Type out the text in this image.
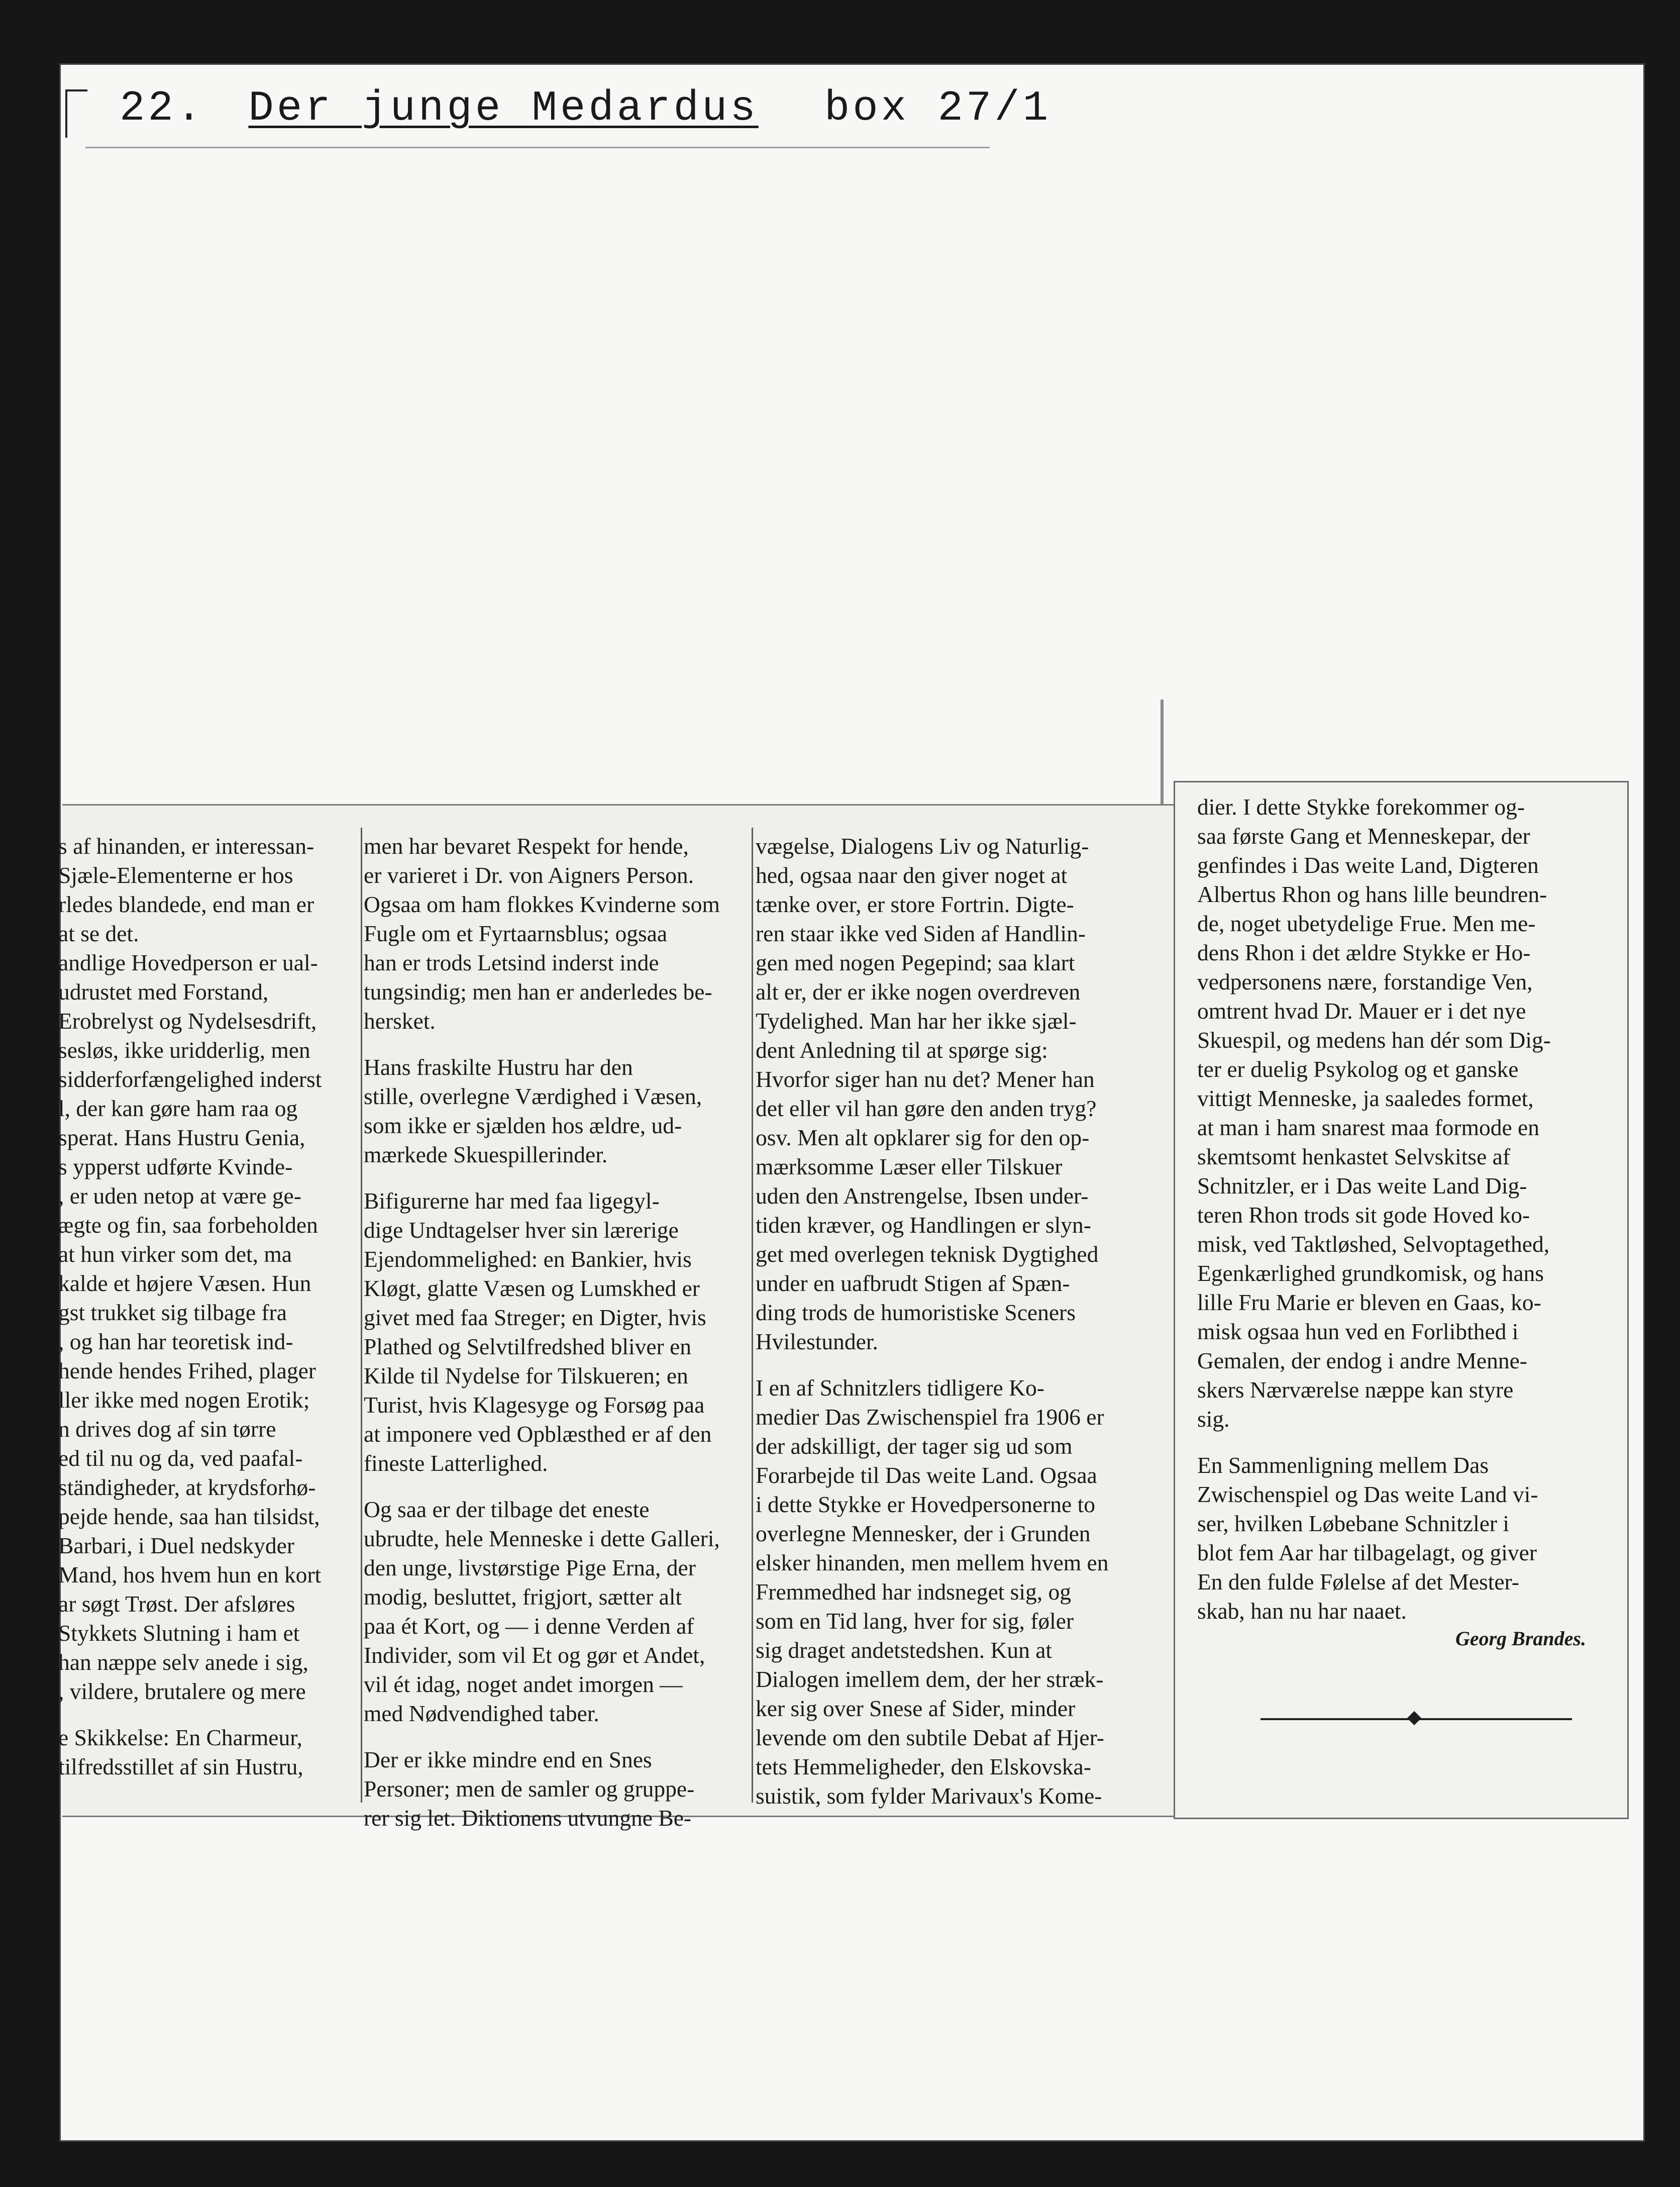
22. Der junge Medardus box 27/1

s af hinanden, er interessan-

Sjæle-Elementerne er hos

rledes blandede, end man er

at se det.

andlige Hovedperson er ual-

udrustet med Forstand,

Erobrelyst og Nydelsesdrift,

sesløs, ikke uridderlig, men

sidderforfængelighed inderst

l, der kan gøre ham raa og

sperat. Hans Hustru Genia,

s ypperst udførte Kvinde-

, er uden netop at være ge-

ægte og fin, saa forbeholden

at hun virker som det, ma

kalde et højere Væsen. Hun

gst trukket sig tilbage fra

, og han har teoretisk ind-

hende hendes Frihed, plager

ller ikke med nogen Erotik;

n drives dog af sin tørre

ed til nu og da, ved paafal-

ständigheder, at krydsforhø-

pejde hende, saa han tilsidst,

Barbari, i Duel nedskyder

Mand, hos hvem hun en kort

ar søgt Trøst. Der afsløres

Stykkets Slutning i ham et

han næppe selv anede i sig,

, vildere, brutalere og mere

e Skikkelse: En Charmeur,

tilfredsstillet af sin Hustru,

men har bevaret Respekt for hende,

er varieret i Dr. von Aigners Person.

Ogsaa om ham flokkes Kvinderne som

Fugle om et Fyrtaarnsblus; ogsaa

han er trods Letsind inderst inde

tungsindig; men han er anderledes be-

hersket.

Hans fraskilte Hustru har den

stille, overlegne Værdighed i Væsen,

som ikke er sjælden hos ældre, ud-

mærkede Skuespillerinder.

Bifigurerne har med faa ligegyl-

dige Undtagelser hver sin lærerige

Ejendommelighed: en Bankier, hvis

Kløgt, glatte Væsen og Lumskhed er

givet med faa Streger; en Digter, hvis

Plathed og Selvtilfredshed bliver en

Kilde til Nydelse for Tilskueren; en

Turist, hvis Klagesyge og Forsøg paa

at imponere ved Opblæsthed er af den

fineste Latterlighed.

Og saa er der tilbage det eneste

ubrudte, hele Menneske i dette Galleri,

den unge, livstørstige Pige Erna, der

modig, besluttet, frigjort, sætter alt

paa ét Kort, og — i denne Verden af

Individer, som vil Et og gør et Andet,

vil ét idag, noget andet imorgen —

med Nødvendighed taber.

Der er ikke mindre end en Snes

Personer; men de samler og gruppe-

rer sig let. Diktionens utvungne Be-

vægelse, Dialogens Liv og Naturlig-

hed, ogsaa naar den giver noget at

tænke over, er store Fortrin. Digte-

ren staar ikke ved Siden af Handlin-

gen med nogen Pegepind; saa klart

alt er, der er ikke nogen overdreven

Tydelighed. Man har her ikke sjæl-

dent Anledning til at spørge sig:

Hvorfor siger han nu det? Mener han

det eller vil han gøre den anden tryg?

osv. Men alt opklarer sig for den op-

mærksomme Læser eller Tilskuer

uden den Anstrengelse, Ibsen under-

tiden kræver, og Handlingen er slyn-

get med overlegen teknisk Dygtighed

under en uafbrudt Stigen af Spæn-

ding trods de humoristiske Sceners

Hvilestunder.

I en af Schnitzlers tidligere Ko-

medier Das Zwischenspiel fra 1906 er

der adskilligt, der tager sig ud som

Forarbejde til Das weite Land. Ogsaa

i dette Stykke er Hovedpersonerne to

overlegne Mennesker, der i Grunden

elsker hinanden, men mellem hvem en

Fremmedhed har indsneget sig, og

som en Tid lang, hver for sig, føler

sig draget andetstedshen. Kun at

Dialogen imellem dem, der her stræk-

ker sig over Snese af Sider, minder

levende om den subtile Debat af Hjer-

tets Hemmeligheder, den Elskovska-

suistik, som fylder Marivaux's Kome-

dier. I dette Stykke forekommer og-

saa første Gang et Menneskepar, der

genfindes i Das weite Land, Digteren

Albertus Rhon og hans lille beundren-

de, noget ubetydelige Frue. Men me-

dens Rhon i det ældre Stykke er Ho-

vedpersonens nære, forstandige Ven,

omtrent hvad Dr. Mauer er i det nye

Skuespil, og medens han dér som Dig-

ter er duelig Psykolog og et ganske

vittigt Menneske, ja saaledes formet,

at man i ham snarest maa formode en

skemtsomt henkastet Selvskitse af

Schnitzler, er i Das weite Land Dig-

teren Rhon trods sit gode Hoved ko-

misk, ved Taktløshed, Selvoptagethed,

Egenkærlighed grundkomisk, og hans

lille Fru Marie er bleven en Gaas, ko-

misk ogsaa hun ved en Forlibthed i

Gemalen, der endog i andre Menne-

skers Nærværelse næppe kan styre

sig.

En Sammenligning mellem Das

Zwischenspiel og Das weite Land vi-

ser, hvilken Løbebane Schnitzler i

blot fem Aar har tilbagelagt, og giver

En den fulde Følelse af det Mester-

skab, han nu har naaet.

Georg Brandes.
